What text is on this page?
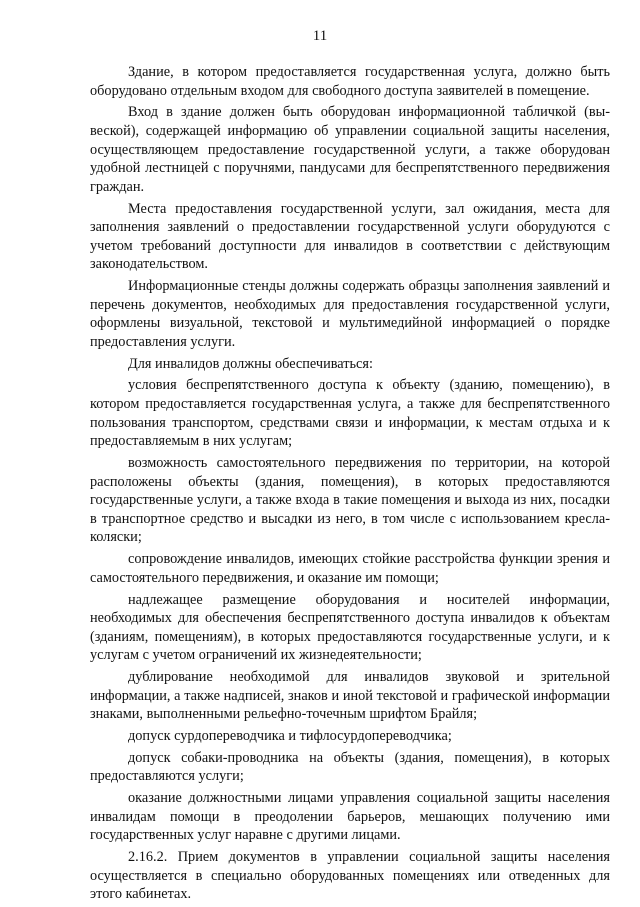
11

Здание, в котором предоставляется государственная услуга, должно быть оборудовано отдельным входом для свободного доступа заявителей в помещение.

Вход в здание должен быть оборудован информационной табличкой (вывеской), содержащей информацию об управлении социальной защиты населения, осуществляющем предоставление государственной услуги, а также оборудован удобной лестницей с поручнями, пандусами для беспрепятственного передвижения граждан.

Места предоставления государственной услуги, зал ожидания, места для заполнения заявлений о предоставлении государственной услуги оборудуются с учетом требований доступности для инвалидов в соответствии с действующим законодательством.

Информационные стенды должны содержать образцы заполнения заявлений и перечень документов, необходимых для предоставления государственной услуги, оформлены визуальной, текстовой и мультимедийной информацией о порядке предоставления услуги.

Для инвалидов должны обеспечиваться:

условия беспрепятственного доступа к объекту (зданию, помещению), в котором предоставляется государственная услуга, а также для беспрепятственного пользования транспортом, средствами связи и информации, к местам отдыха и к предоставляемым в них услугам;

возможность самостоятельного передвижения по территории, на которой расположены объекты (здания, помещения), в которых предоставляются государственные услуги, а также входа в такие помещения и выхода из них, посадки в транспортное средство и высадки из него, в том числе с использованием кресла-коляски;

сопровождение инвалидов, имеющих стойкие расстройства функции зрения и самостоятельного передвижения, и оказание им помощи;

надлежащее размещение оборудования и носителей информации, необходимых для обеспечения беспрепятственного доступа инвалидов к объектам (зданиям, помещениям), в которых предоставляются государственные услуги, и к услугам с учетом ограничений их жизнедеятельности;

дублирование необходимой для инвалидов звуковой и зрительной информации, а также надписей, знаков и иной текстовой и графической информации знаками, выполненными рельефно-точечным шрифтом Брайля;

допуск сурдопереводчика и тифлосурдопереводчика;

допуск собаки-проводника на объекты (здания, помещения), в которых предоставляются услуги;

оказание должностными лицами управления социальной защиты населения инвалидам помощи в преодолении барьеров, мешающих получению ими государственных услуг наравне с другими лицами.

2.16.2. Прием документов в управлении социальной защиты населения осуществляется в специально оборудованных помещениях или отведенных для этого кабинетах.
